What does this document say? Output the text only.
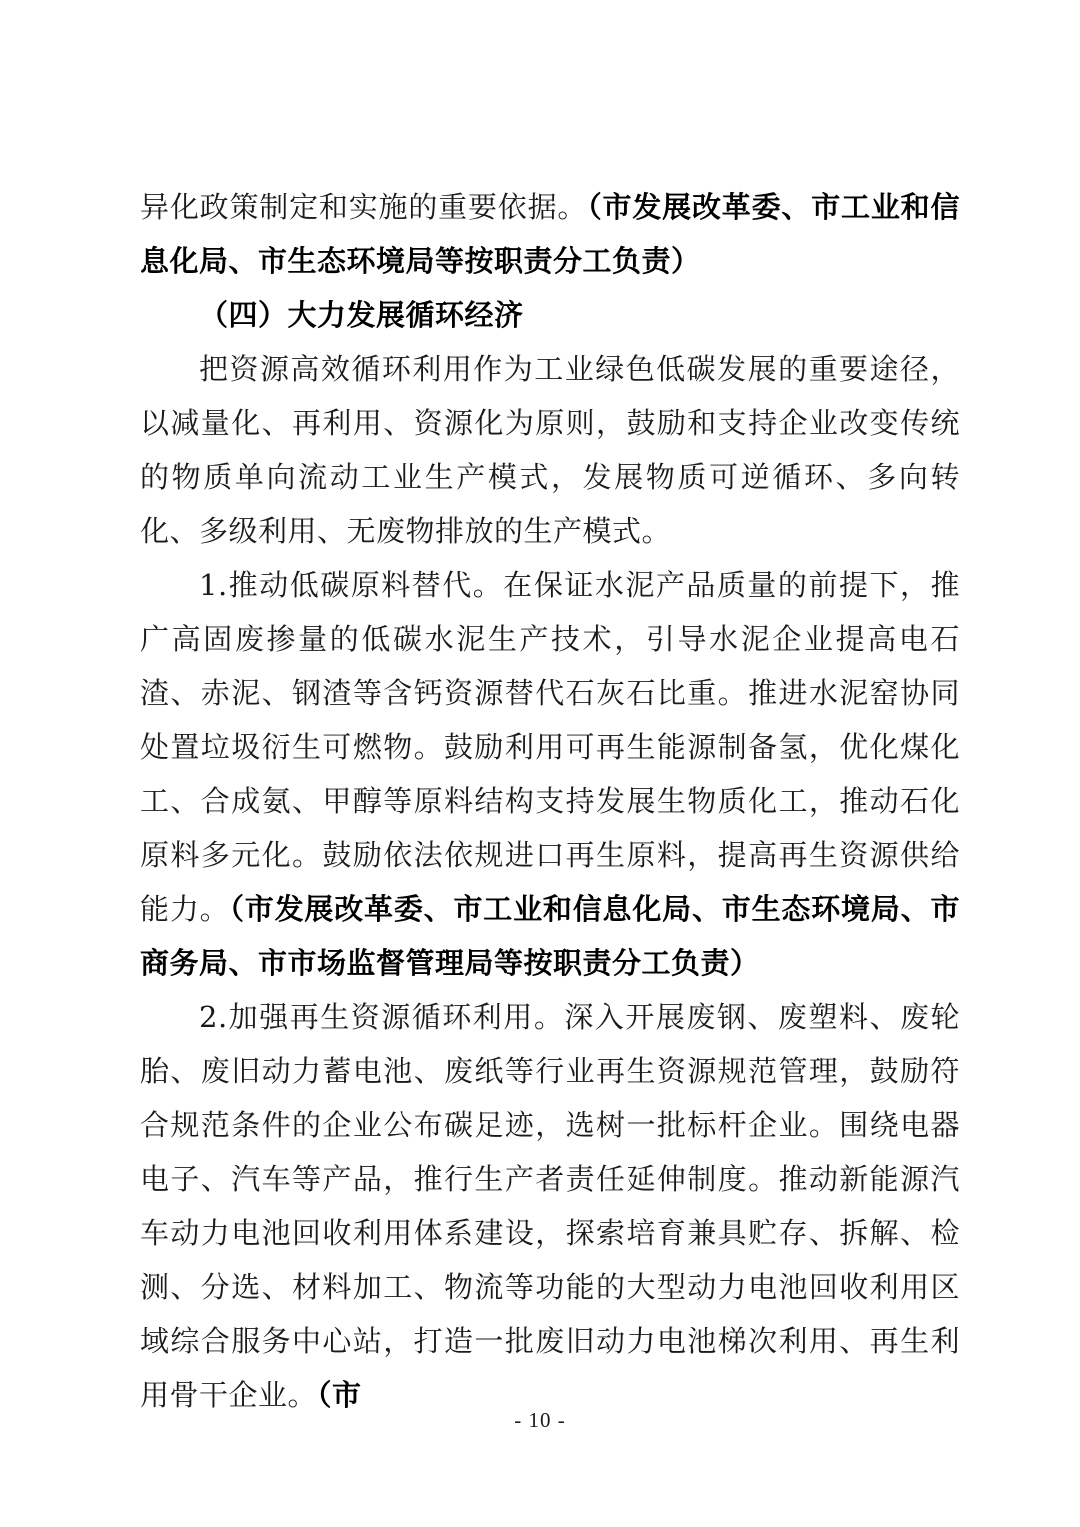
异化政策制定和实施的重要依据。（市发展改革委、市工业和信息化局、市生态环境局等按职责分工负责）

（四）大力发展循环经济

把资源高效循环利用作为工业绿色低碳发展的重要途径，以减量化、再利用、资源化为原则，鼓励和支持企业改变传统的物质单向流动工业生产模式，发展物质可逆循环、多向转化、多级利用、无废物排放的生产模式。

1.推动低碳原料替代。在保证水泥产品质量的前提下，推广高固废掺量的低碳水泥生产技术，引导水泥企业提高电石渣、赤泥、钢渣等含钙资源替代石灰石比重。推进水泥窑协同处置垃圾衍生可燃物。鼓励利用可再生能源制备氢，优化煤化工、合成氨、甲醇等原料结构支持发展生物质化工，推动石化原料多元化。鼓励依法依规进口再生原料，提高再生资源供给能力。（市发展改革委、市工业和信息化局、市生态环境局、市商务局、市市场监督管理局等按职责分工负责）

2.加强再生资源循环利用。深入开展废钢、废塑料、废轮胎、废旧动力蓄电池、废纸等行业再生资源规范管理，鼓励符合规范条件的企业公布碳足迹，选树一批标杆企业。围绕电器电子、汽车等产品，推行生产者责任延伸制度。推动新能源汽车动力电池回收利用体系建设，探索培育兼具贮存、拆解、检测、分选、材料加工、物流等功能的大型动力电池回收利用区域综合服务中心站，打造一批废旧动力电池梯次利用、再生利用骨干企业。（市

- 10 -
